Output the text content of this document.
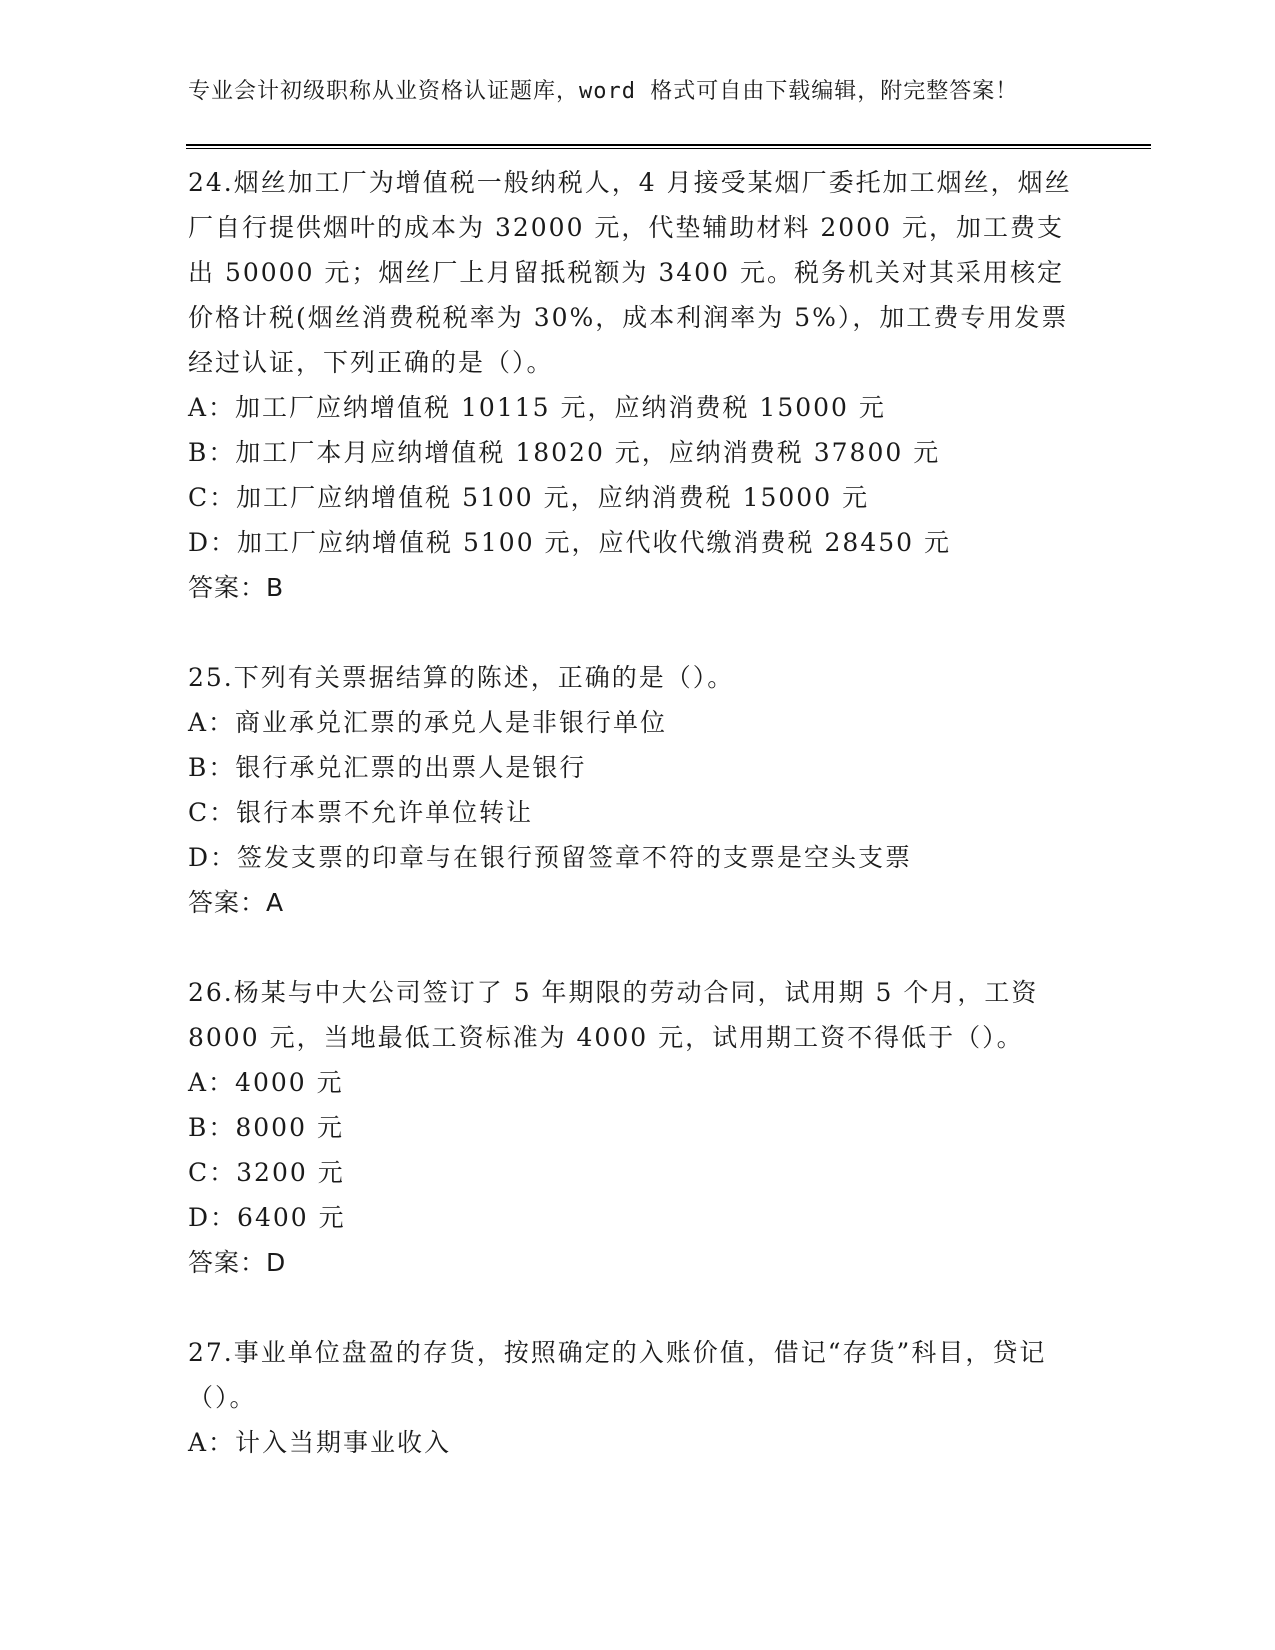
专业会计初级职称从业资格认证题库，word 格式可自由下载编辑，附完整答案！

24.烟丝加工厂为增值税一般纳税人，4 月接受某烟厂委托加工烟丝，烟丝厂自行提供烟叶的成本为 32000 元，代垫辅助材料 2000 元，加工费支出 50000 元；烟丝厂上月留抵税额为 3400 元。税务机关对其采用核定价格计税(烟丝消费税税率为 30%，成本利润率为 5%），加工费专用发票经过认证，下列正确的是（）。

A：加工厂应纳增值税 10115 元，应纳消费税 15000 元

B：加工厂本月应纳增值税 18020 元，应纳消费税 37800 元

C：加工厂应纳增值税 5100 元，应纳消费税 15000 元

D：加工厂应纳增值税 5100 元，应代收代缴消费税 28450 元

答案：B

25.下列有关票据结算的陈述，正确的是（）。

A：商业承兑汇票的承兑人是非银行单位

B：银行承兑汇票的出票人是银行

C：银行本票不允许单位转让

D：签发支票的印章与在银行预留签章不符的支票是空头支票

答案：A

26.杨某与中大公司签订了 5 年期限的劳动合同，试用期 5 个月，工资 8000 元，当地最低工资标准为 4000 元，试用期工资不得低于（）。

A：4000 元

B：8000 元

C：3200 元

D：6400 元

答案：D

27.事业单位盘盈的存货，按照确定的入账价值，借记“存货”科目，贷记（）。

A：计入当期事业收入
